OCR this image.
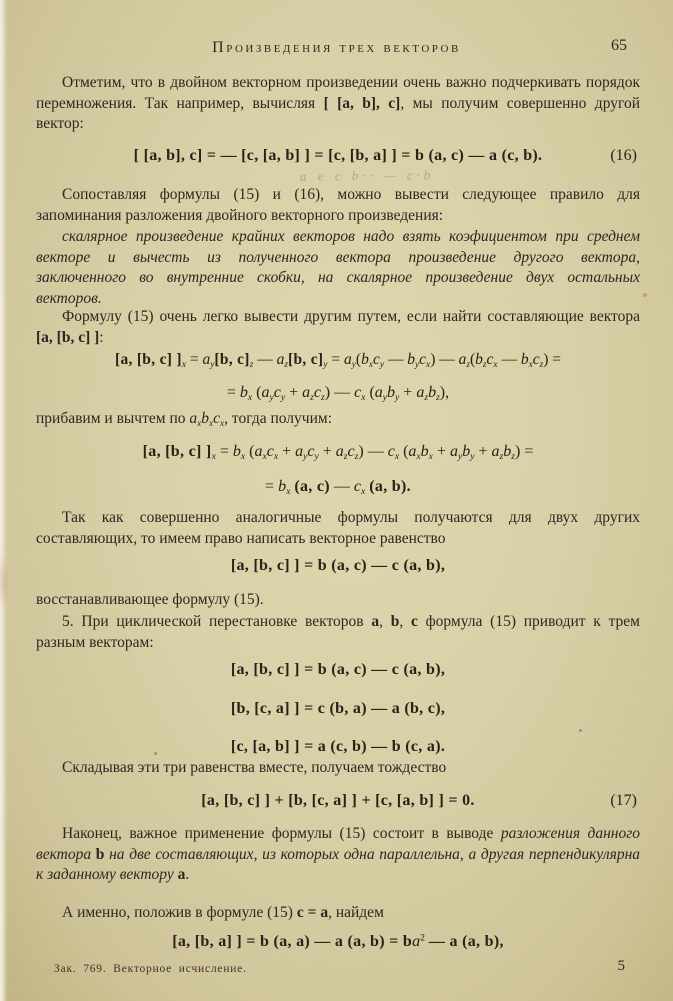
Произведения трех векторов	65
Отметим, что в двойном векторном произведении очень важно подчеркивать порядок перемножения. Так например, вычисляя [ [a, b], c], мы получим совершенно другой вектор:
[ [a, b], c] = — [c, [a, b] ] = [c, [b, a] ] = b (a, c) — a (c, b).	(16)
a e c b·· — c·b
Сопоставляя формулы (15) и (16), можно вывести следующее правило для запоминания разложения двойного векторного произведения:
скалярное произведение крайних векторов надо взять коэфициентом при среднем векторе и вычесть из полученного вектора произведение другого вектора, заключенного во внутренние скобки, на скалярное произведение двух остальных векторов.
Формулу (15) очень легко вывести другим путем, если найти составляющие вектора [a, [b, c] ]:
[a, [b, c] ]$_x = a_y[b$, $c]_z$ — $a_z[b$, $c]_y = a_y(b_xc_y$ — $b_yc_x$) — $a_z(b_zc_x$ — $b_xc_z$) =
= $b_x$ $(a_yc_y + a_zc_z)$ — $c_x$ $(a_yb_y + a_zb_z)$,
прибавим и вычтем по $a_xb_xc_x$, тогда получим:
[a, [b, c] ]$_x = b_x$ $(a_xc_x + a_yc_y + a_zc_z)$ — $c_x$ $(a_xb_x + a_yb_y + a_zb_z)$ =
= $b_x$ (a, c) — $c_x$ (a, b).
Так как совершенно аналогичные формулы получаются для двух других составляющих, то имеем право написать векторное равенство
[a, [b, c] ] = b (a, c) — c (a, b),
восстанавливающее формулу (15).
5. При циклической перестановке векторов a, b, c формула (15) приводит к трем разным векторам:
[a, [b, c] ] = b (a, c) — c (a, b),
[b, [c, a] ] = c (b, a) — a (b, c),
[c, [a, b] ] = a (c, b) — b (c, a).
Складывая эти три равенства вместе, получаем тождество
[a, [b, c] ] + [b, [c, a] ] + [c, [a, b] ] = 0.	(17)
Наконец, важное применение формулы (15) состоит в выводе разложения данного вектора b на две составляющих, из которых одна параллельна, а другая перпендикулярна к заданному вектору a.
А именно, положив в формуле (15) c = a, найдем
[a, [b, a] ] = b (a, a) — a (a, $b) = ba^2$ — a (a, b),
Зак. 769. Векторное исчисление.	5
